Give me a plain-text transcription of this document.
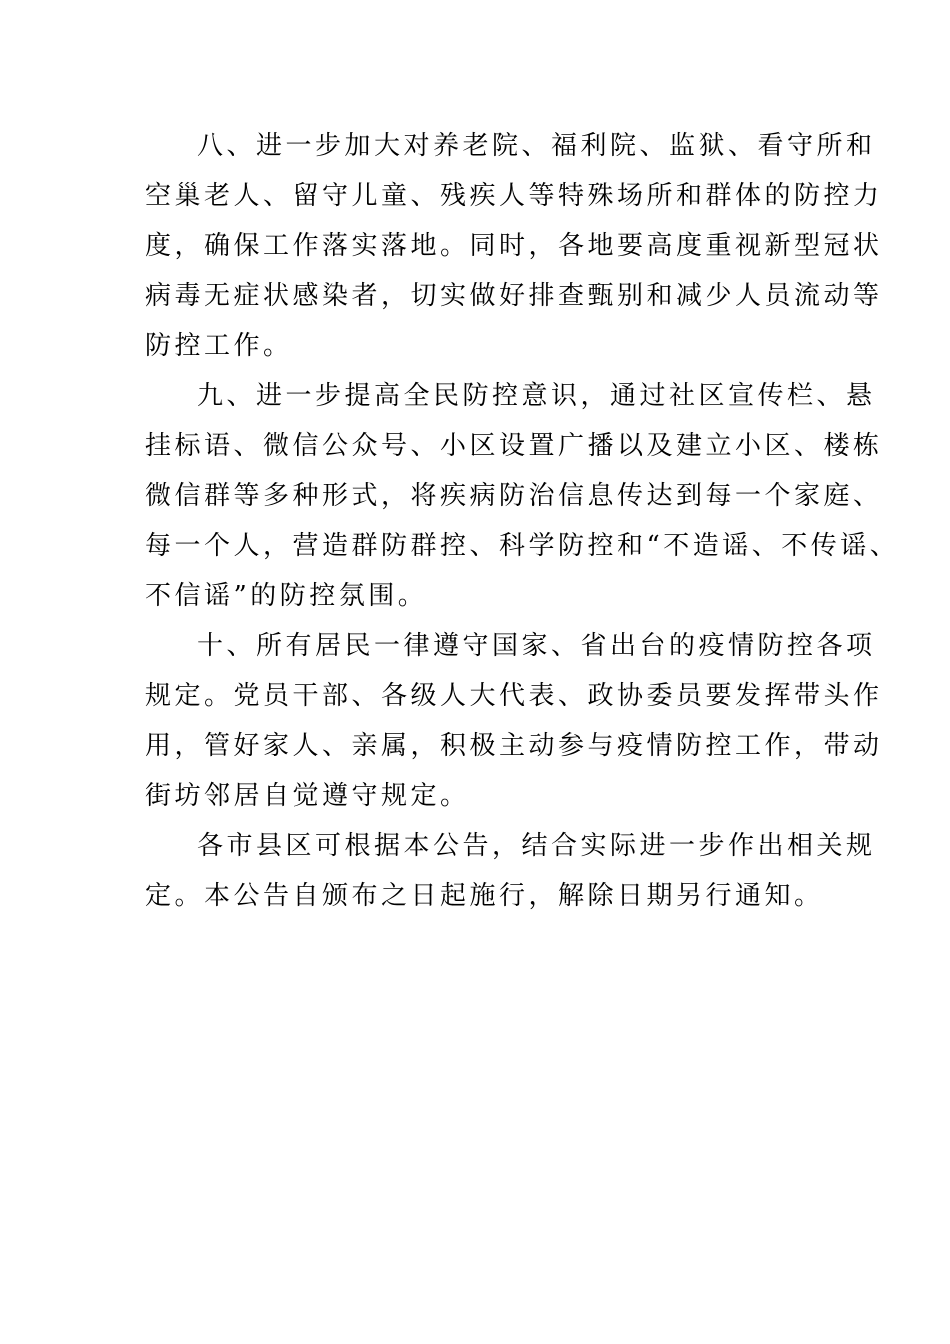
八、进一步加大对养老院、福利院、监狱、看守所和
空巢老人、留守儿童、残疾人等特殊场所和群体的防控力
度，确保工作落实落地。同时，各地要高度重视新型冠状
病毒无症状感染者，切实做好排查甄别和减少人员流动等
防控工作。
九、进一步提高全民防控意识，通过社区宣传栏、悬
挂标语、微信公众号、小区设置广播以及建立小区、楼栋
微信群等多种形式，将疾病防治信息传达到每一个家庭、
每一个人，营造群防群控、科学防控和“不造谣、不传谣、
不信谣”的防控氛围。
十、所有居民一律遵守国家、省出台的疫情防控各项
规定。党员干部、各级人大代表、政协委员要发挥带头作
用，管好家人、亲属，积极主动参与疫情防控工作，带动
街坊邻居自觉遵守规定。
各市县区可根据本公告，结合实际进一步作出相关规
定。本公告自颁布之日起施行，解除日期另行通知。
